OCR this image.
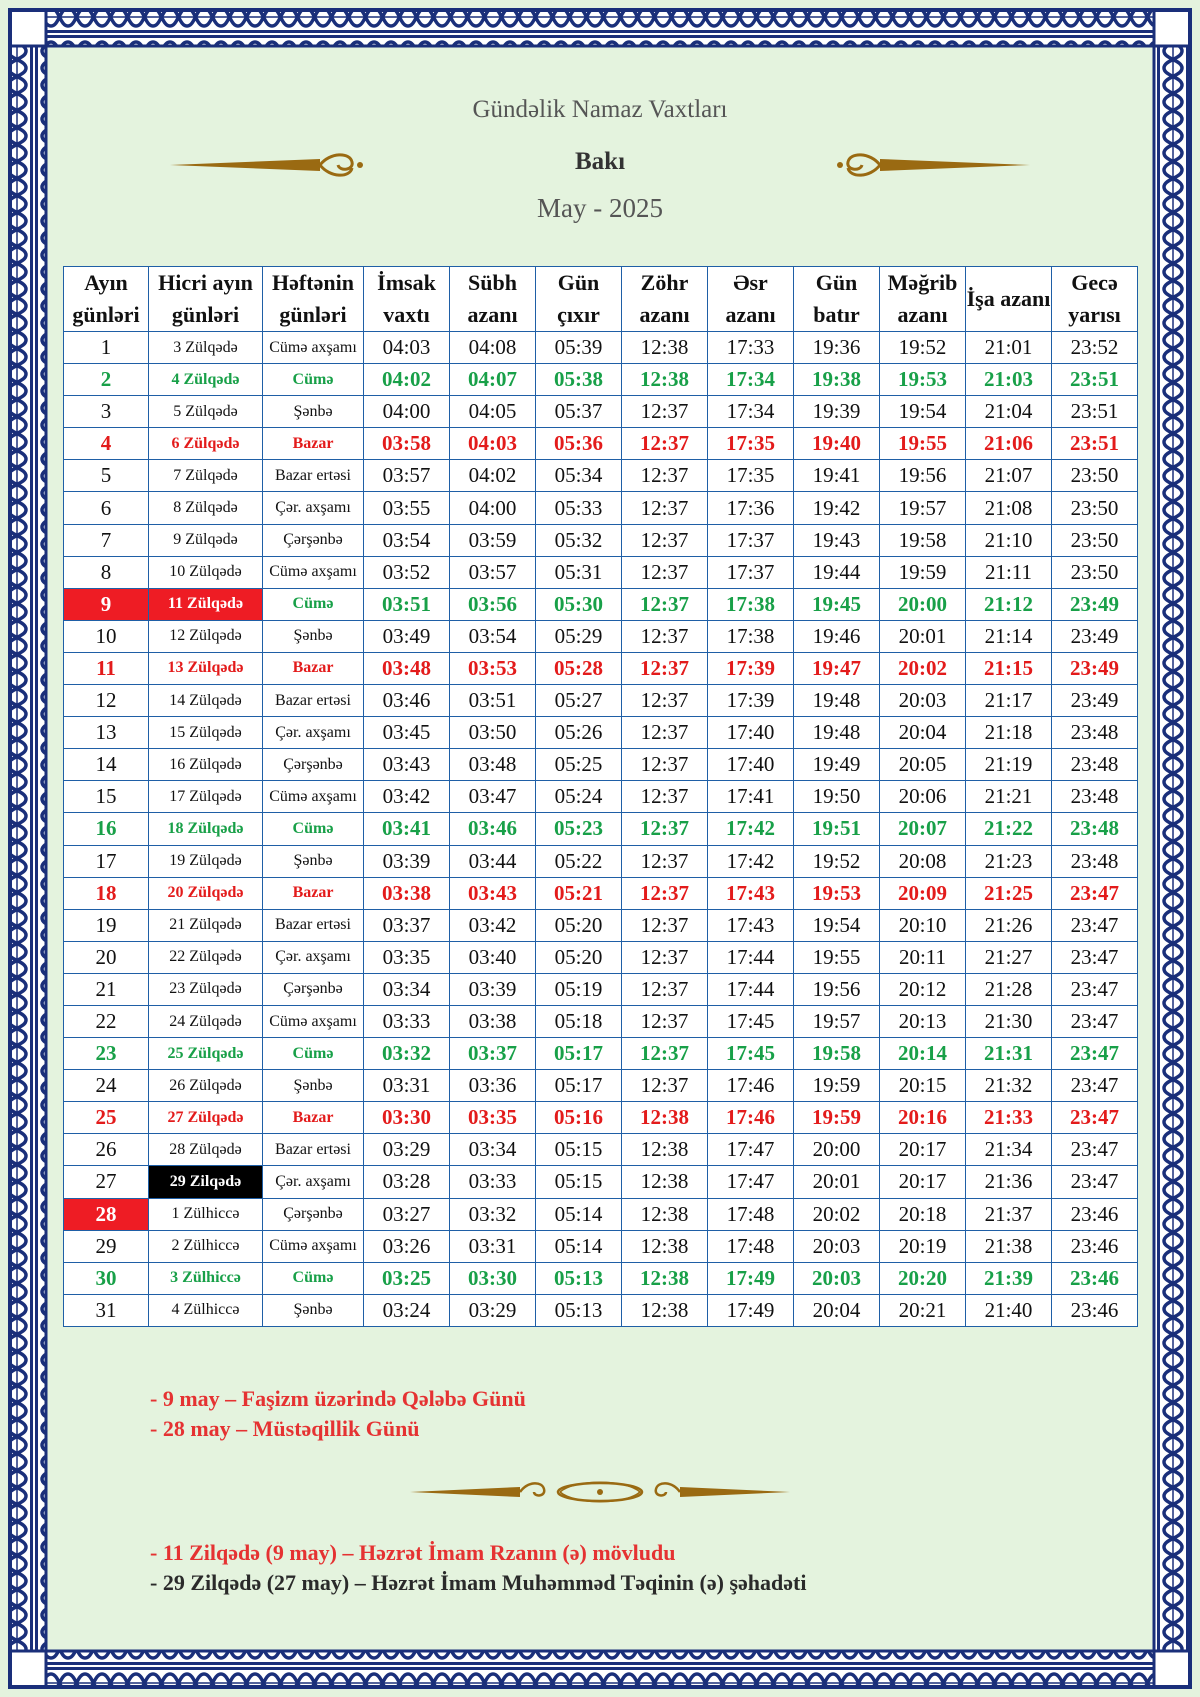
Gündəlik Namaz Vaxtları
Bakı
May - 2025
Ayın günləri	Hicri ayın günləri	Həftənin günləri	İmsak vaxtı	Sübh azanı	Gün çıxır	Zöhr azanı	Əsr azanı	Gün batır	Məğrib azanı	İşa azanı	Gecə yarısı
1	3 Zülqədə	Cümə axşamı	04:03	04:08	05:39	12:38	17:33	19:36	19:52	21:01	23:52
2	4 Zülqədə	Cümə	04:02	04:07	05:38	12:38	17:34	19:38	19:53	21:03	23:51
3	5 Zülqədə	Şənbə	04:00	04:05	05:37	12:37	17:34	19:39	19:54	21:04	23:51
4	6 Zülqədə	Bazar	03:58	04:03	05:36	12:37	17:35	19:40	19:55	21:06	23:51
5	7 Zülqədə	Bazar ertəsi	03:57	04:02	05:34	12:37	17:35	19:41	19:56	21:07	23:50
6	8 Zülqədə	Çər. axşamı	03:55	04:00	05:33	12:37	17:36	19:42	19:57	21:08	23:50
7	9 Zülqədə	Çərşənbə	03:54	03:59	05:32	12:37	17:37	19:43	19:58	21:10	23:50
8	10 Zülqədə	Cümə axşamı	03:52	03:57	05:31	12:37	17:37	19:44	19:59	21:11	23:50
9	11 Zülqədə	Cümə	03:51	03:56	05:30	12:37	17:38	19:45	20:00	21:12	23:49
10	12 Zülqədə	Şənbə	03:49	03:54	05:29	12:37	17:38	19:46	20:01	21:14	23:49
11	13 Zülqədə	Bazar	03:48	03:53	05:28	12:37	17:39	19:47	20:02	21:15	23:49
12	14 Zülqədə	Bazar ertəsi	03:46	03:51	05:27	12:37	17:39	19:48	20:03	21:17	23:49
13	15 Zülqədə	Çər. axşamı	03:45	03:50	05:26	12:37	17:40	19:48	20:04	21:18	23:48
14	16 Zülqədə	Çərşənbə	03:43	03:48	05:25	12:37	17:40	19:49	20:05	21:19	23:48
15	17 Zülqədə	Cümə axşamı	03:42	03:47	05:24	12:37	17:41	19:50	20:06	21:21	23:48
16	18 Zülqədə	Cümə	03:41	03:46	05:23	12:37	17:42	19:51	20:07	21:22	23:48
17	19 Zülqədə	Şənbə	03:39	03:44	05:22	12:37	17:42	19:52	20:08	21:23	23:48
18	20 Zülqədə	Bazar	03:38	03:43	05:21	12:37	17:43	19:53	20:09	21:25	23:47
19	21 Zülqədə	Bazar ertəsi	03:37	03:42	05:20	12:37	17:43	19:54	20:10	21:26	23:47
20	22 Zülqədə	Çər. axşamı	03:35	03:40	05:20	12:37	17:44	19:55	20:11	21:27	23:47
21	23 Zülqədə	Çərşənbə	03:34	03:39	05:19	12:37	17:44	19:56	20:12	21:28	23:47
22	24 Zülqədə	Cümə axşamı	03:33	03:38	05:18	12:37	17:45	19:57	20:13	21:30	23:47
23	25 Zülqədə	Cümə	03:32	03:37	05:17	12:37	17:45	19:58	20:14	21:31	23:47
24	26 Zülqədə	Şənbə	03:31	03:36	05:17	12:37	17:46	19:59	20:15	21:32	23:47
25	27 Zülqədə	Bazar	03:30	03:35	05:16	12:38	17:46	19:59	20:16	21:33	23:47
26	28 Zülqədə	Bazar ertəsi	03:29	03:34	05:15	12:38	17:47	20:00	20:17	21:34	23:47
27	29 Zilqədə	Çər. axşamı	03:28	03:33	05:15	12:38	17:47	20:01	20:17	21:36	23:47
28	1 Zülhiccə	Çərşənbə	03:27	03:32	05:14	12:38	17:48	20:02	20:18	21:37	23:46
29	2 Zülhiccə	Cümə axşamı	03:26	03:31	05:14	12:38	17:48	20:03	20:19	21:38	23:46
30	3 Zülhiccə	Cümə	03:25	03:30	05:13	12:38	17:49	20:03	20:20	21:39	23:46
31	4 Zülhiccə	Şənbə	03:24	03:29	05:13	12:38	17:49	20:04	20:21	21:40	23:46
- 9 may – Faşizm üzərində Qələbə Günü
- 28 may – Müstəqillik Günü
- 11 Zilqədə (9 may) – Həzrət İmam Rzanın (ə) mövludu
- 29 Zilqədə (27 may) – Həzrət İmam Muhəmməd Təqinin (ə) şəhadəti
